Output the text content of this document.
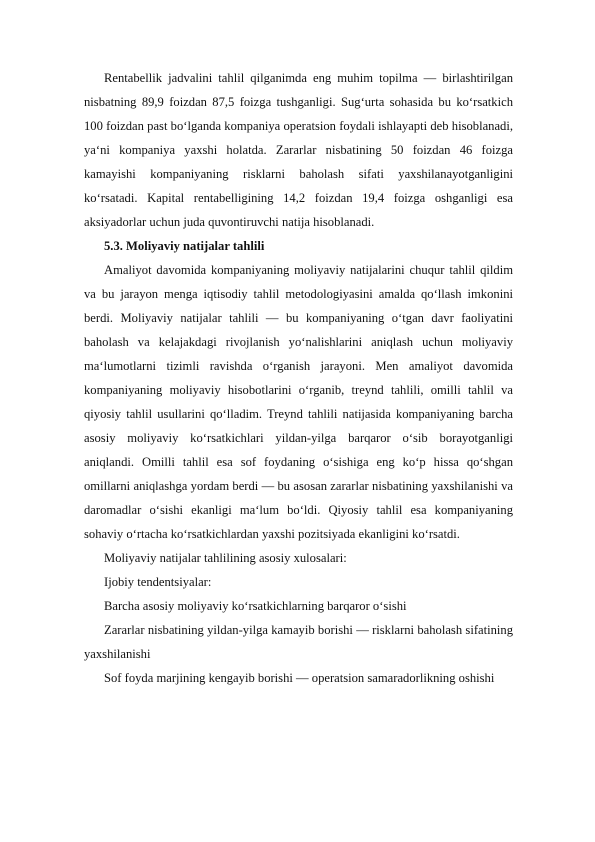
Rentabellik jadvalini tahlil qilganimda eng muhim topilma — birlashtirilgan nisbatning 89,9 foizdan 87,5 foizga tushganligi. Sug‘urta sohasida bu ko‘rsatkich 100 foizdan past bo‘lganda kompaniya operatsion foydali ishlayapti deb hisoblanadi, ya‘ni kompaniya yaxshi holatda. Zararlar nisbatining 50 foizdan 46 foizga kamayishi kompaniyaning risklarni baholash sifati yaxshilanayotganligini ko‘rsatadi. Kapital rentabelligining 14,2 foizdan 19,4 foizga oshganligi esa aksiyadorlar uchun juda quvontiruvchi natija hisoblanadi.

5.3. Moliyaviy natijalar tahlili

Amaliyot davomida kompaniyaning moliyaviy natijalarini chuqur tahlil qildim va bu jarayon menga iqtisodiy tahlil metodologiyasini amalda qo‘llash imkonini berdi. Moliyaviy natijalar tahlili — bu kompaniyaning o‘tgan davr faoliyatini baholash va kelajakdagi rivojlanish yo‘nalishlarini aniqlash uchun moliyaviy ma‘lumotlarni tizimli ravishda o‘rganish jarayoni. Men amaliyot davomida kompaniyaning moliyaviy hisobotlarini o‘rganib, treynd tahlili, omilli tahlil va qiyosiy tahlil usullarini qo‘lladim. Treynd tahlili natijasida kompaniyaning barcha asosiy moliyaviy ko‘rsatkichlari yildan-yilga barqaror o‘sib borayotganligi aniqlandi. Omilli tahlil esa sof foydaning o‘sishiga eng ko‘p hissa qo‘shgan omillarni aniqlashga yordam berdi — bu asosan zararlar nisbatining yaxshilanishi va daromadlar o‘sishi ekanligi ma‘lum bo‘ldi. Qiyosiy tahlil esa kompaniyaning sohaviy o‘rtacha ko‘rsatkichlardan yaxshi pozitsiyada ekanligini ko‘rsatdi.

Moliyaviy natijalar tahlilining asosiy xulosalari:

Ijobiy tendentsiyalar:

Barcha asosiy moliyaviy ko‘rsatkichlarning barqaror o‘sishi

Zararlar nisbatining yildan-yilga kamayib borishi — risklarni baholash sifatining yaxshilanishi

Sof foyda marjining kengayib borishi — operatsion samaradorlikning oshishi
